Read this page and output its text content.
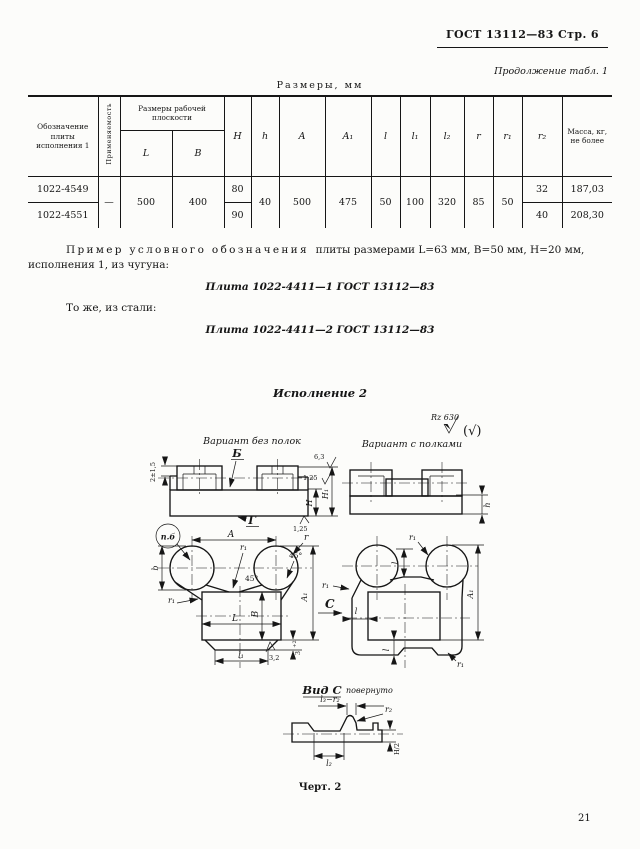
ГОСТ 13112—83 Стр. 6
Продолжение табл. 1
Размеры, мм
Обозначение плиты исполнения 1	Применяемость	Размеры рабочей плоскости		H	h	A	A₁	l	l₁	l₂	r	r₁	r₂	Масса, кг, не более
		L	B											
1022-4549	—	500	400	80	40	500	475	50	100	320	85	50	32	187,03
1022-4551				90									40	208,30

Пример условного обозначения плиты размерами L=63 мм, В=50 мм, Н=20 мм, исполнения 1, из чугуна:

Плита 1022-4411—1 ГОСТ 13112—83

То же, из стали:

Плита 1022-4411—2 ГОСТ 13112—83

Исполнение 2
Rz 630
(√)
Вариант без полок	Вариант с полками
2±1,5
Б
Г
H
H₁
1,25
6,3
1,25
h
п.б	A	r
r₁
45°
45°
b
B
L
A₁
r₁
l₁	3,2
3
+2
r₁
C
l
r₁
l
l
A₁
r₁
Вид С повернуто
l₃−r₂
r₂
l₂
H/2
Черт. 2
21
